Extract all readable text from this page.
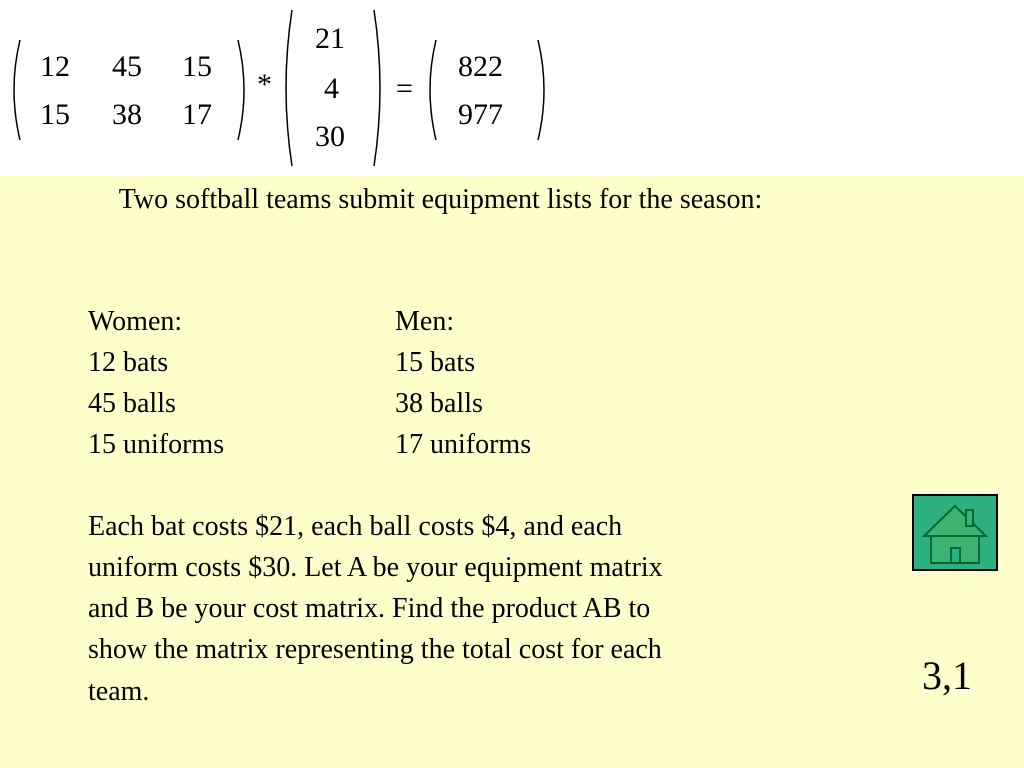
12 45 15
15 38 17
*
21
4
30
=
822
977
Two softball teams submit equipment lists for the season:
Women:
12 bats
45 balls
15 uniforms
Men:
15 bats
38 balls
17 uniforms
Each bat costs $21, each ball costs $4, and each
uniform costs $30. Let A be your equipment matrix
and B be your cost matrix. Find the product AB to
show the matrix representing the total cost for each
team.	3,1
